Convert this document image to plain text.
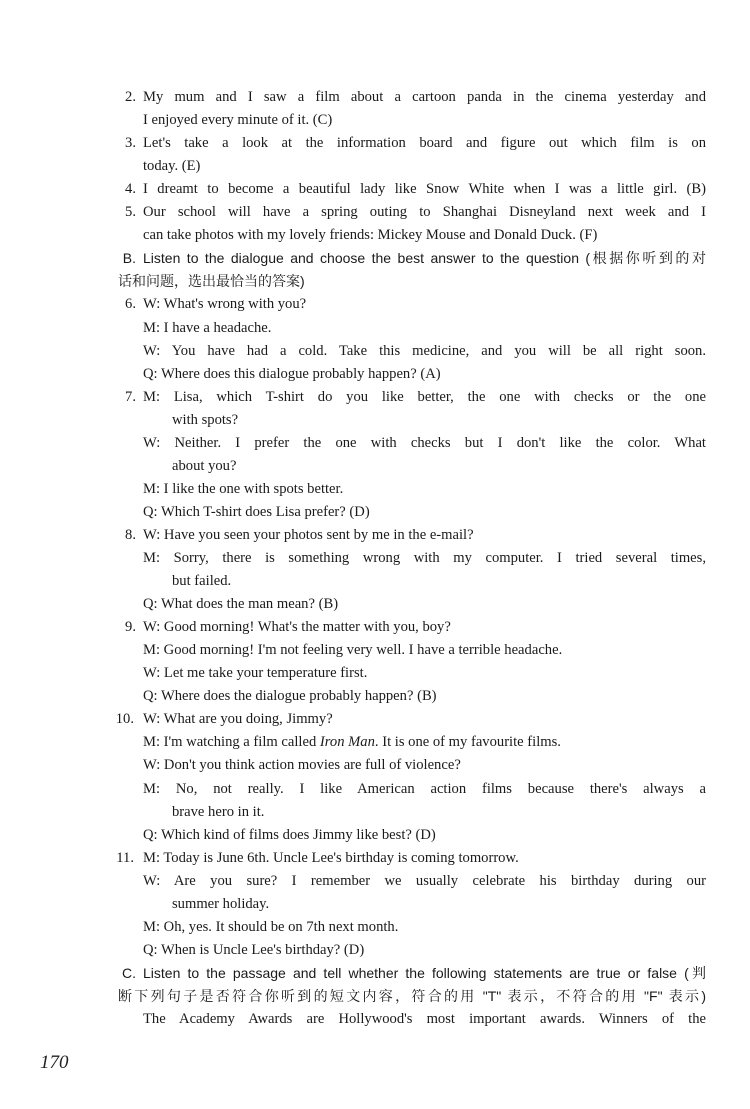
2. My mum and I saw a film about a cartoon panda in the cinema yesterday and
I enjoyed every minute of it. (C)
3. Let's take a look at the information board and figure out which film is on
today. (E)
4. I dreamt to become a beautiful lady like Snow White when I was a little girl. (B)
5. Our school will have a spring outing to Shanghai Disneyland next week and I
can take photos with my lovely friends: Mickey Mouse and Donald Duck. (F)
B. Listen to the dialogue and choose the best answer to the question (根据你听到的对
话和问题，选出最恰当的答案)
6. W: What's wrong with you?
M: I have a headache.
W: You have had a cold. Take this medicine, and you will be all right soon.
Q: Where does this dialogue probably happen? (A)
7. M: Lisa, which T-shirt do you like better, the one with checks or the one
with spots?
W: Neither. I prefer the one with checks but I don't like the color. What
about you?
M: I like the one with spots better.
Q: Which T-shirt does Lisa prefer? (D)
8. W: Have you seen your photos sent by me in the e-mail?
M: Sorry, there is something wrong with my computer. I tried several times,
but failed.
Q: What does the man mean? (B)
9. W: Good morning! What's the matter with you, boy?
M: Good morning! I'm not feeling very well. I have a terrible headache.
W: Let me take your temperature first.
Q: Where does the dialogue probably happen? (B)
10. W: What are you doing, Jimmy?
M: I'm watching a film called Iron Man. It is one of my favourite films.
W: Don't you think action movies are full of violence?
M: No, not really. I like American action films because there's always a
brave hero in it.
Q: Which kind of films does Jimmy like best? (D)
11. M: Today is June 6th. Uncle Lee's birthday is coming tomorrow.
W: Are you sure? I remember we usually celebrate his birthday during our
summer holiday.
M: Oh, yes. It should be on 7th next month.
Q: When is Uncle Lee's birthday? (D)
C. Listen to the passage and tell whether the following statements are true or false (判
断下列句子是否符合你听到的短文内容，符合的用 "T" 表示，不符合的用 "F" 表示)
The Academy Awards are Hollywood's most important awards. Winners of the
170
